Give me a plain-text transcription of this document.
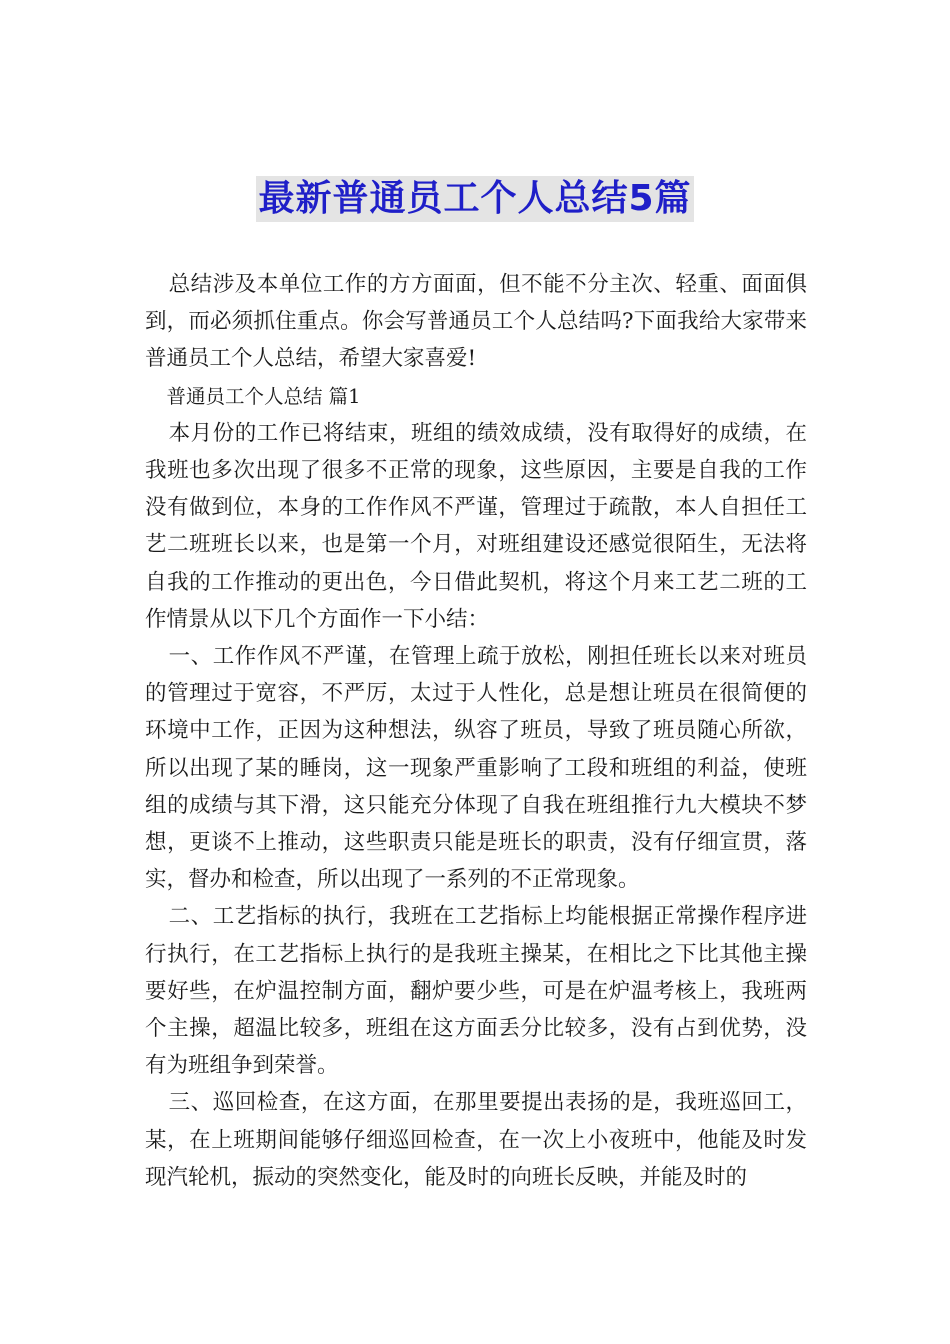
最新普通员工个人总结5篇

总结涉及本单位工作的方方面面，但不能不分主次、轻重、面面俱到，而必须抓住重点。你会写普通员工个人总结吗?下面我给大家带来普通员工个人总结，希望大家喜爱!

普通员工个人总结 篇1

本月份的工作已将结束，班组的绩效成绩，没有取得好的成绩，在我班也多次出现了很多不正常的现象，这些原因，主要是自我的工作没有做到位，本身的工作作风不严谨，管理过于疏散，本人自担任工艺二班班长以来，也是第一个月，对班组建设还感觉很陌生，无法将自我的工作推动的更出色，今日借此契机，将这个月来工艺二班的工作情景从以下几个方面作一下小结：

一、工作作风不严谨，在管理上疏于放松，刚担任班长以来对班员的管理过于宽容，不严厉，太过于人性化，总是想让班员在很简便的环境中工作，正因为这种想法，纵容了班员，导致了班员随心所欲，所以出现了某的睡岗，这一现象严重影响了工段和班组的利益，使班组的成绩与其下滑，这只能充分体现了自我在班组推行九大模块不梦想，更谈不上推动，这些职责只能是班长的职责，没有仔细宣贯，落实，督办和检查，所以出现了一系列的不正常现象。

二、工艺指标的执行，我班在工艺指标上均能根据正常操作程序进行执行，在工艺指标上执行的是我班主操某，在相比之下比其他主操要好些，在炉温控制方面，翻炉要少些，可是在炉温考核上，我班两个主操，超温比较多，班组在这方面丢分比较多，没有占到优势，没有为班组争到荣誉。

三、巡回检查，在这方面，在那里要提出表扬的是，我班巡回工，某，在上班期间能够仔细巡回检查，在一次上小夜班中，他能及时发现汽轮机，振动的突然变化，能及时的向班长反映，并能及时的
